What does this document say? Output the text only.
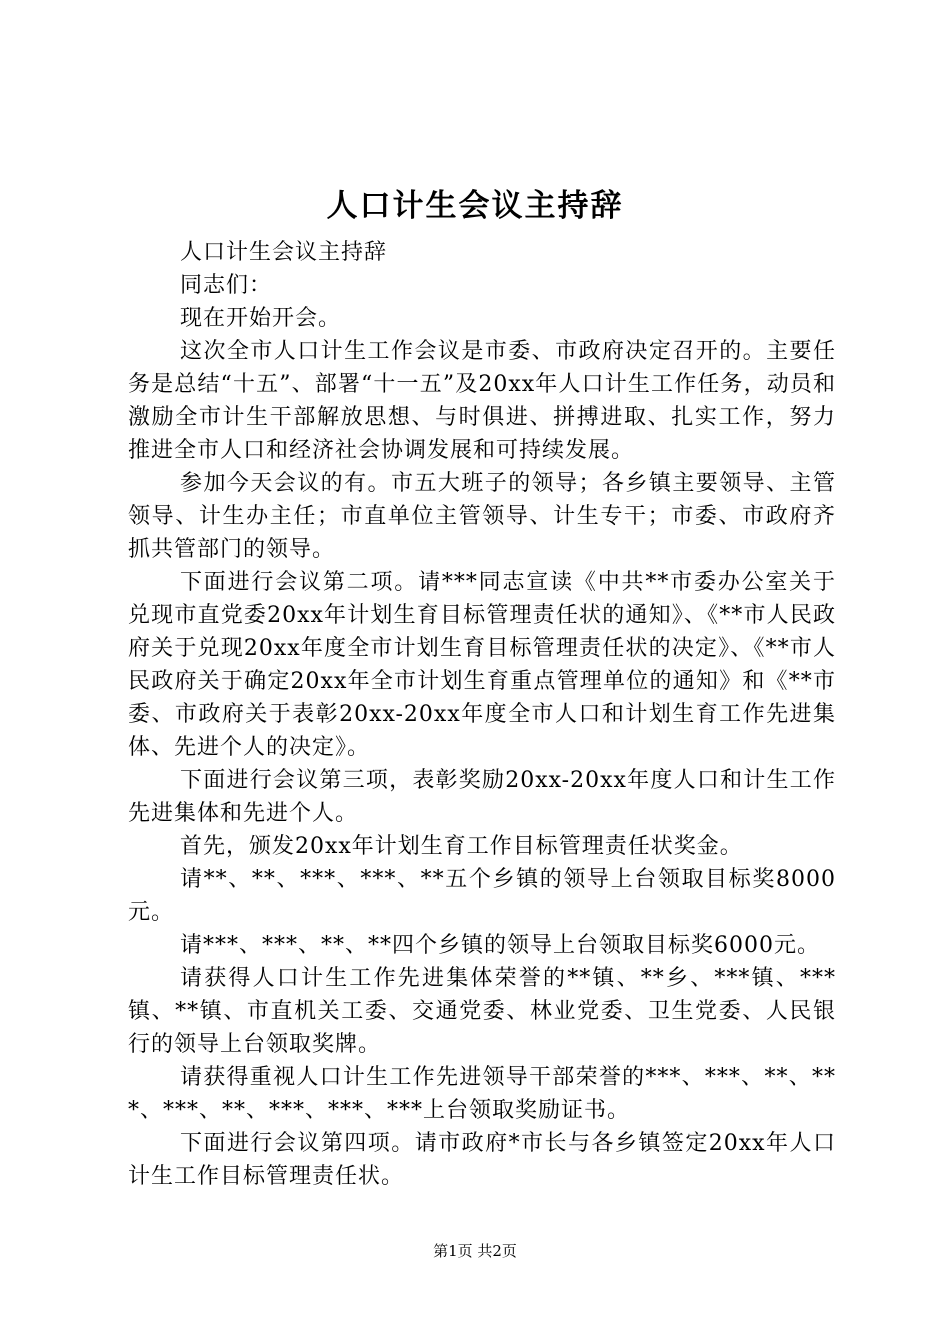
人口计生会议主持辞

人口计生会议主持辞

同志们：

现在开始开会。

这次全市人口计生工作会议是市委、市政府决定召开的。主要任务是总结“十五”、部署“十一五”及20xx年人口计生工作任务，动员和激励全市计生干部解放思想、与时俱进、拼搏进取、扎实工作，努力推进全市人口和经济社会协调发展和可持续发展。

参加今天会议的有。市五大班子的领导；各乡镇主要领导、主管领导、计生办主任；市直单位主管领导、计生专干；市委、市政府齐抓共管部门的领导。

下面进行会议第二项。请***同志宣读《中共**市委办公室关于兑现市直党委20xx年计划生育目标管理责任状的通知》、《**市人民政府关于兑现20xx年度全市计划生育目标管理责任状的决定》、《**市人民政府关于确定20xx年全市计划生育重点管理单位的通知》和《**市委、市政府关于表彰20xx-20xx年度全市人口和计划生育工作先进集体、先进个人的决定》。

下面进行会议第三项，表彰奖励20xx-20xx年度人口和计生工作先进集体和先进个人。

首先，颁发20xx年计划生育工作目标管理责任状奖金。

请**、**、***、***、**五个乡镇的领导上台领取目标奖8000元。

请***、***、**、**四个乡镇的领导上台领取目标奖6000元。

请获得人口计生工作先进集体荣誉的**镇、**乡、***镇、***镇、**镇、市直机关工委、交通党委、林业党委、卫生党委、人民银行的领导上台领取奖牌。

请获得重视人口计生工作先进领导干部荣誉的***、***、**、***、***、**、***、***、***上台领取奖励证书。

下面进行会议第四项。请市政府*市长与各乡镇签定20xx年人口计生工作目标管理责任状。

第1页 共2页
